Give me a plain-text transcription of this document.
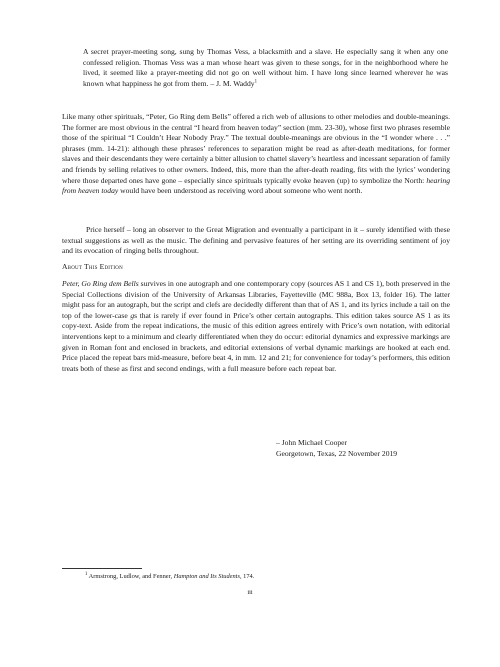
A secret prayer-meeting song, sung by Thomas Vess, a blacksmith and a slave. He especially sang it when any one confessed religion. Thomas Vess was a man whose heart was given to these songs, for in the neighborhood where he lived, it seemed like a prayer-meeting did not go on well without him. I have long since learned wherever he was known what happiness he got from them. – J. M. Waddy$^1$
Like many other spirituals, “Peter, Go Ring dem Bells” offered a rich web of allusions to other melodies and double-meanings. The former are most obvious in the central “I heard from heaven today” section (mm. 23-30), whose first two phrases resemble those of the spiritual “I Couldn’t Hear Nobody Pray.” The textual double-meanings are obvious in the “I wonder where . . .” phrases (mm. 14-21): although these phrases’ references to separation might be read as after-death meditations, for former slaves and their descendants they were certainly a bitter allusion to chattel slavery’s heartless and incessant separation of family and friends by selling relatives to other owners. Indeed, this, more than the after-death reading, fits with the lyrics’ wondering where those departed ones have gone – especially since spirituals typically evoke heaven (up) to symbolize the North: hearing from heaven today would have been understood as receiving word about someone who went north.
Price herself – long an observer to the Great Migration and eventually a participant in it – surely identified with these textual suggestions as well as the music. The defining and pervasive features of her setting are its overriding sentiment of joy and its evocation of ringing bells throughout.
About This Edition
Peter, Go Ring dem Bells survives in one autograph and one contemporary copy (sources AS 1 and CS 1), both preserved in the Special Collections division of the University of Arkansas Libraries, Fayetteville (MC 988a, Box 13, folder 16). The latter might pass for an autograph, but the script and clefs are decidedly different than that of AS 1, and its lyrics include a tail on the top of the lower-case gs that is rarely if ever found in Price’s other certain autographs. This edition takes source AS 1 as its copy-text. Aside from the repeat indications, the music of this edition agrees entirely with Price’s own notation, with editorial interventions kept to a minimum and clearly differentiated when they do occur: editorial dynamics and expressive markings are given in Roman font and enclosed in brackets, and editorial extensions of verbal dynamic markings are hooked at each end. Price placed the repeat bars mid-measure, before beat 4, in mm. 12 and 21; for convenience for today’s performers, this edition treats both of these as first and second endings, with a full measure before each repeat bar.
– John Michael Cooper
Georgetown, Texas, 22 November 2019
$^1$ Armstrong, Ludlow, and Fenner, Hampton and Its Students, 174.
iii
